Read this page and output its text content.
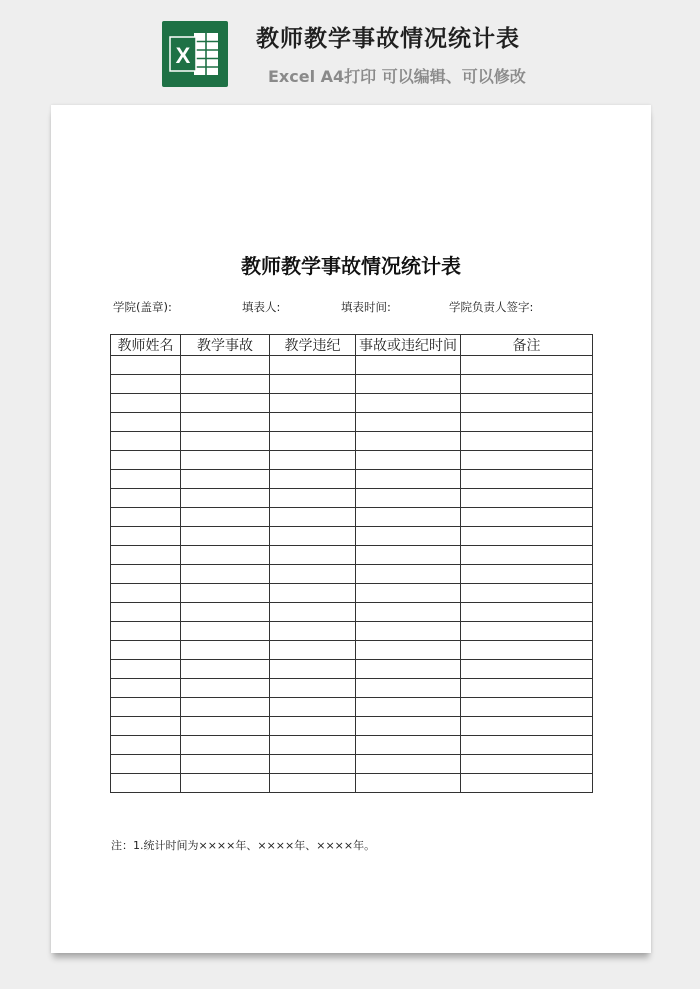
X
教师教学事故情况统计表
Excel A4打印 可以编辑、可以修改
教师教学事故情况统计表
学院(盖章):	填表人:	填表时间:	学院负责人签字:
教师姓名	教学事故	教学违纪	事故或违纪时间	备注

注：1.统计时间为××××年、××××年、××××年。
